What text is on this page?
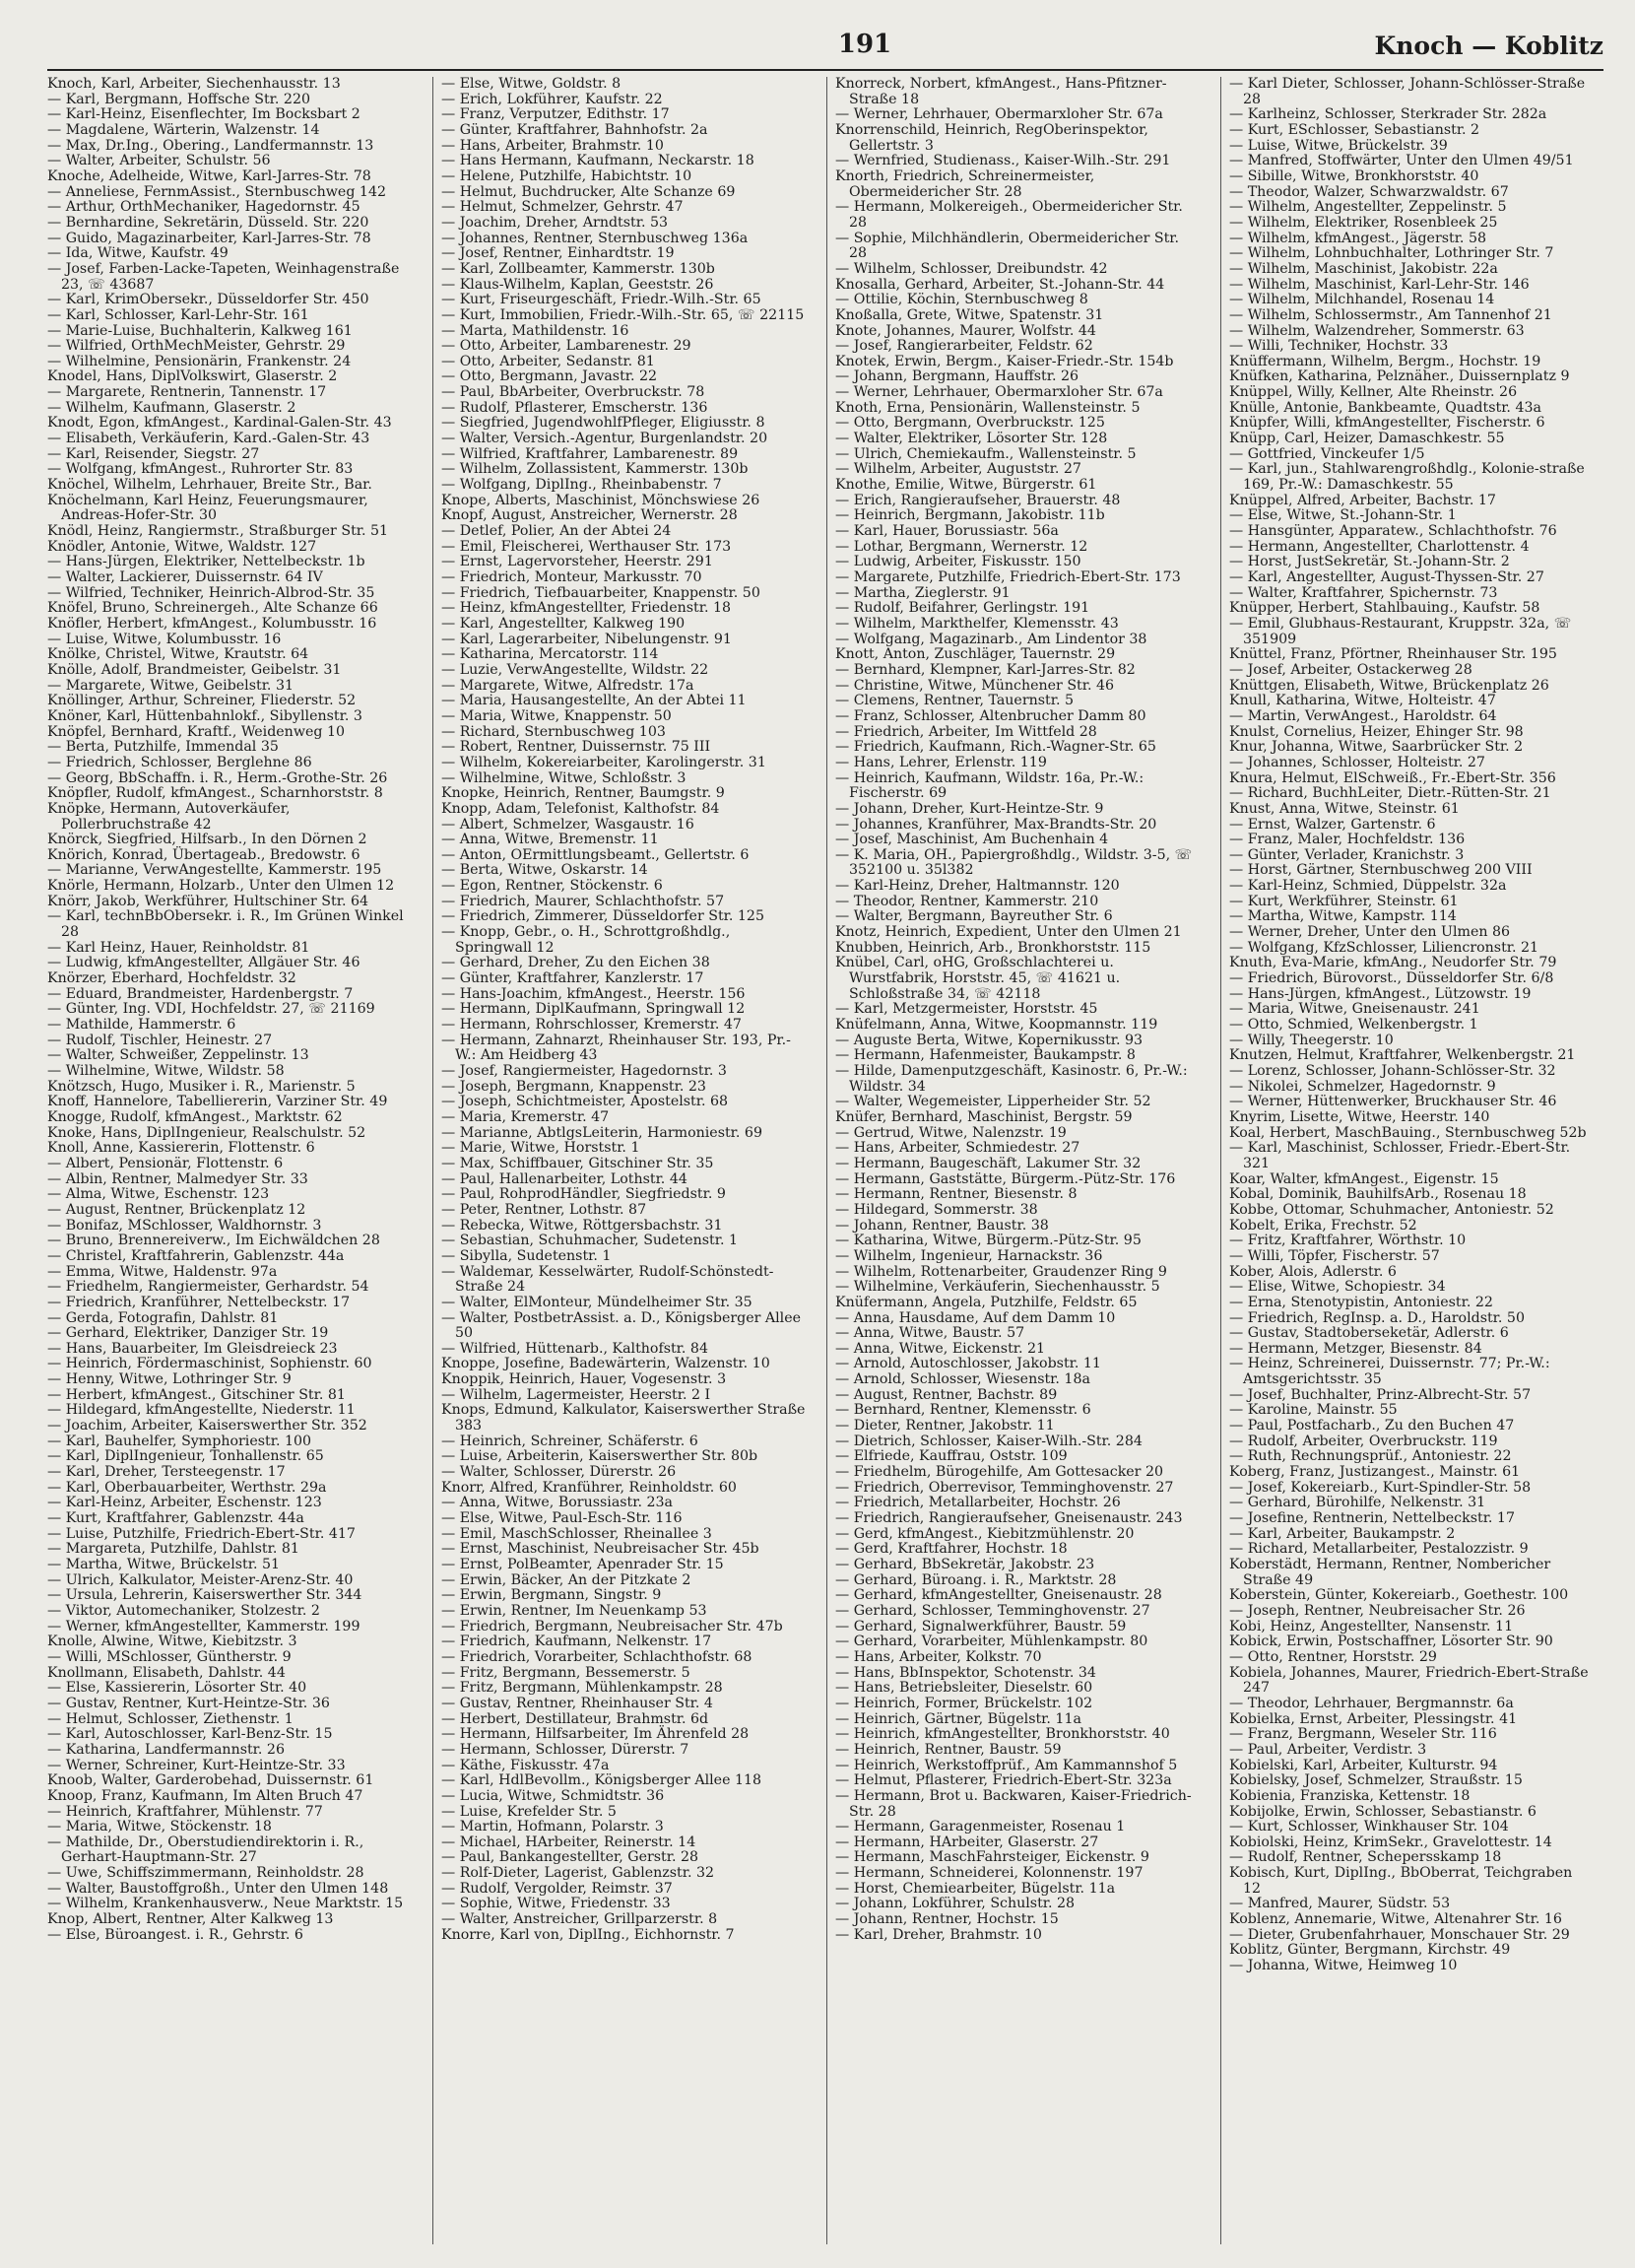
191	Knoch — Koblitz
Knoch, Karl, Arbeiter, Siechenhausstr. 13
— Karl, Bergmann, Hoffsche Str. 220
— Karl-Heinz, Eisenflechter, Im Bocksbart 2
— Magdalene, Wärterin, Walzenstr. 14
— Max, Dr.Ing., Obering., Landfermannstr. 13
— Walter, Arbeiter, Schulstr. 56
Knoche, Adelheide, Witwe, Karl-Jarres-Str. 78
— Anneliese, FernmAssist., Sternbuschweg 142
— Arthur, OrthMechaniker, Hagedornstr. 45
— Bernhardine, Sekretärin, Düsseld. Str. 220
— Guido, Magazinarbeiter, Karl-Jarres-Str. 78
— Ida, Witwe, Kaufstr. 49
— Josef, Farben-Lacke-Tapeten, Weinhagenstraße 23, ☏ 43687
— Karl, KrimObersekr., Düsseldorfer Str. 450
— Karl, Schlosser, Karl-Lehr-Str. 161
— Marie-Luise, Buchhalterin, Kalkweg 161
— Wilfried, OrthMechMeister, Gehrstr. 29
— Wilhelmine, Pensionärin, Frankenstr. 24
Knodel, Hans, DiplVolkswirt, Glaserstr. 2
— Margarete, Rentnerin, Tannenstr. 17
— Wilhelm, Kaufmann, Glaserstr. 2
Knodt, Egon, kfmAngest., Kardinal-Galen-Str. 43
— Elisabeth, Verkäuferin, Kard.-Galen-Str. 43
— Karl, Reisender, Siegstr. 27
— Wolfgang, kfmAngest., Ruhrorter Str. 83
Knöchel, Wilhelm, Lehrhauer, Breite Str., Bar.
Knöchelmann, Karl Heinz, Feuerungsmaurer, Andreas-Hofer-Str. 30
Knödl, Heinz, Rangiermstr., Straßburger Str. 51
Knödler, Antonie, Witwe, Waldstr. 127
— Hans-Jürgen, Elektriker, Nettelbeckstr. 1b
— Walter, Lackierer, Duissernstr. 64 IV
— Wilfried, Techniker, Heinrich-Albrod-Str. 35
Knöfel, Bruno, Schreinergeh., Alte Schanze 66
Knöfler, Herbert, kfmAngest., Kolumbusstr. 16
— Luise, Witwe, Kolumbusstr. 16
Knölke, Christel, Witwe, Krautstr. 64
Knölle, Adolf, Brandmeister, Geibelstr. 31
— Margarete, Witwe, Geibelstr. 31
Knöllinger, Arthur, Schreiner, Fliederstr. 52
Knöner, Karl, Hüttenbahnlokf., Sibyllenstr. 3
Knöpfel, Bernhard, Kraftf., Weidenweg 10
— Berta, Putzhilfe, Immendal 35
— Friedrich, Schlosser, Berglehne 86
— Georg, BbSchaffn. i. R., Herm.-Grothe-Str. 26
Knöpfler, Rudolf, kfmAngest., Scharnhorststr. 8
Knöpke, Hermann, Autoverkäufer, Pollerbruchstraße 42
Knörck, Siegfried, Hilfsarb., In den Dörnen 2
Knörich, Konrad, Übertageab., Bredowstr. 6
— Marianne, VerwAngestellte, Kammerstr. 195
Knörle, Hermann, Holzarb., Unter den Ulmen 12
Knörr, Jakob, Werkführer, Hultschiner Str. 64
— Karl, technBbObersekr. i. R., Im Grünen Winkel 28
— Karl Heinz, Hauer, Reinholdstr. 81
— Ludwig, kfmAngestellter, Allgäuer Str. 46
Knörzer, Eberhard, Hochfeldstr. 32
— Eduard, Brandmeister, Hardenbergstr. 7
— Günter, Ing. VDI, Hochfeldstr. 27, ☏ 21169
— Mathilde, Hammerstr. 6
— Rudolf, Tischler, Heinestr. 27
— Walter, Schweißer, Zeppelinstr. 13
— Wilhelmine, Witwe, Wildstr. 58
Knötzsch, Hugo, Musiker i. R., Marienstr. 5
Knoff, Hannelore, Tabelliererin, Varziner Str. 49
Knogge, Rudolf, kfmAngest., Marktstr. 62
Knoke, Hans, DiplIngenieur, Realschulstr. 52
Knoll, Anne, Kassiererin, Flottenstr. 6
— Albert, Pensionär, Flottenstr. 6
— Albin, Rentner, Malmedyer Str. 33
— Alma, Witwe, Eschenstr. 123
— August, Rentner, Brückenplatz 12
— Bonifaz, MSchlosser, Waldhornstr. 3
— Bruno, Brennereiverw., Im Eichwäldchen 28
— Christel, Kraftfahrerin, Gablenzstr. 44a
— Emma, Witwe, Haldenstr. 97a
— Friedhelm, Rangiermeister, Gerhardstr. 54
— Friedrich, Kranführer, Nettelbeckstr. 17
— Gerda, Fotografin, Dahlstr. 81
— Gerhard, Elektriker, Danziger Str. 19
— Hans, Bauarbeiter, Im Gleisdreieck 23
— Heinrich, Fördermaschinist, Sophienstr. 60
— Henny, Witwe, Lothringer Str. 9
— Herbert, kfmAngest., Gitschiner Str. 81
— Hildegard, kfmAngestellte, Niederstr. 11
— Joachim, Arbeiter, Kaiserswerther Str. 352
— Karl, Bauhelfer, Symphoriestr. 100
— Karl, DiplIngenieur, Tonhallenstr. 65
— Karl, Dreher, Tersteegenstr. 17
— Karl, Oberbauarbeiter, Werthstr. 29a
— Karl-Heinz, Arbeiter, Eschenstr. 123
— Kurt, Kraftfahrer, Gablenzstr. 44a
— Luise, Putzhilfe, Friedrich-Ebert-Str. 417
— Margareta, Putzhilfe, Dahlstr. 81
— Martha, Witwe, Brückelstr. 51
— Ulrich, Kalkulator, Meister-Arenz-Str. 40
— Ursula, Lehrerin, Kaiserswerther Str. 344
— Viktor, Automechaniker, Stolzestr. 2
— Werner, kfmAngestellter, Kammerstr. 199
Knolle, Alwine, Witwe, Kiebitzstr. 3
— Willi, MSchlosser, Güntherstr. 9
Knollmann, Elisabeth, Dahlstr. 44
— Else, Kassiererin, Lösorter Str. 40
— Gustav, Rentner, Kurt-Heintze-Str. 36
— Helmut, Schlosser, Ziethenstr. 1
— Karl, Autoschlosser, Karl-Benz-Str. 15
— Katharina, Landfermannstr. 26
— Werner, Schreiner, Kurt-Heintze-Str. 33
Knoob, Walter, Garderobehad, Duissernstr. 61
Knoop, Franz, Kaufmann, Im Alten Bruch 47
— Heinrich, Kraftfahrer, Mühlenstr. 77
— Maria, Witwe, Stöckenstr. 18
— Mathilde, Dr., Oberstudiendirektorin i. R., Gerhart-Hauptmann-Str. 27
— Uwe, Schiffszimmermann, Reinholdstr. 28
— Walter, Baustoffgroßh., Unter den Ulmen 148
— Wilhelm, Krankenhausverw., Neue Marktstr. 15
Knop, Albert, Rentner, Alter Kalkweg 13
— Else, Büroangest. i. R., Gehrstr. 6
— Else, Witwe, Goldstr. 8
— Erich, Lokführer, Kaufstr. 22
— Franz, Verputzer, Edithstr. 17
— Günter, Kraftfahrer, Bahnhofstr. 2a
— Hans, Arbeiter, Brahmstr. 10
— Hans Hermann, Kaufmann, Neckarstr. 18
— Helene, Putzhilfe, Habichtstr. 10
— Helmut, Buchdrucker, Alte Schanze 69
— Helmut, Schmelzer, Gehrstr. 47
— Joachim, Dreher, Arndtstr. 53
— Johannes, Rentner, Sternbuschweg 136a
— Josef, Rentner, Einhardtstr. 19
— Karl, Zollbeamter, Kammerstr. 130b
— Klaus-Wilhelm, Kaplan, Geeststr. 26
— Kurt, Friseurgeschäft, Friedr.-Wilh.-Str. 65
— Kurt, Immobilien, Friedr.-Wilh.-Str. 65, ☏ 22115
— Marta, Mathildenstr. 16
— Otto, Arbeiter, Lambarenestr. 29
— Otto, Arbeiter, Sedanstr. 81
— Otto, Bergmann, Javastr. 22
— Paul, BbArbeiter, Overbruckstr. 78
— Rudolf, Pflasterer, Emscherstr. 136
— Siegfried, JugendwohlfPfleger, Eligiusstr. 8
— Walter, Versich.-Agentur, Burgenlandstr. 20
— Wilfried, Kraftfahrer, Lambarenestr. 89
— Wilhelm, Zollassistent, Kammerstr. 130b
— Wolfgang, DiplIng., Rheinbabenstr. 7
Knope, Alberts, Maschinist, Mönchswiese 26
Knopf, August, Anstreicher, Wernerstr. 28
— Detlef, Polier, An der Abtei 24
— Emil, Fleischerei, Werthauser Str. 173
— Ernst, Lagervorsteher, Heerstr. 291
— Friedrich, Monteur, Markusstr. 70
— Friedrich, Tiefbauarbeiter, Knappenstr. 50
— Heinz, kfmAngestellter, Friedenstr. 18
— Karl, Angestellter, Kalkweg 190
— Karl, Lagerarbeiter, Nibelungenstr. 91
— Katharina, Mercatorstr. 114
— Luzie, VerwAngestellte, Wildstr. 22
— Margarete, Witwe, Alfredstr. 17a
— Maria, Hausangestellte, An der Abtei 11
— Maria, Witwe, Knappenstr. 50
— Richard, Sternbuschweg 103
— Robert, Rentner, Duissernstr. 75 III
— Wilhelm, Kokereiarbeiter, Karolingerstr. 31
— Wilhelmine, Witwe, Schloßstr. 3
Knopke, Heinrich, Rentner, Baumgstr. 9
Knopp, Adam, Telefonist, Kalthofstr. 84
— Albert, Schmelzer, Wasgaustr. 16
— Anna, Witwe, Bremenstr. 11
— Anton, OErmittlungsbeamt., Gellertstr. 6
— Berta, Witwe, Oskarstr. 14
— Egon, Rentner, Stöckenstr. 6
— Friedrich, Maurer, Schlachthofstr. 57
— Friedrich, Zimmerer, Düsseldorfer Str. 125
— Knopp, Gebr., o. H., Schrottgroßhdlg., Springwall 12
— Gerhard, Dreher, Zu den Eichen 38
— Günter, Kraftfahrer, Kanzlerstr. 17
— Hans-Joachim, kfmAngest., Heerstr. 156
— Hermann, DiplKaufmann, Springwall 12
— Hermann, Rohrschlosser, Kremerstr. 47
— Hermann, Zahnarzt, Rheinhauser Str. 193, Pr.-W.: Am Heidberg 43
— Josef, Rangiermeister, Hagedornstr. 3
— Joseph, Bergmann, Knappenstr. 23
— Joseph, Schichtmeister, Apostelstr. 68
— Maria, Kremerstr. 47
— Marianne, AbtlgsLeiterin, Harmoniestr. 69
— Marie, Witwe, Horststr. 1
— Max, Schiffbauer, Gitschiner Str. 35
— Paul, Hallenarbeiter, Lothstr. 44
— Paul, RohprodHändler, Siegfriedstr. 9
— Peter, Rentner, Lothstr. 87
— Rebecka, Witwe, Röttgersbachstr. 31
— Sebastian, Schuhmacher, Sudetenstr. 1
— Sibylla, Sudetenstr. 1
— Waldemar, Kesselwärter, Rudolf-Schönstedt-Straße 24
— Walter, ElMonteur, Mündelheimer Str. 35
— Walter, PostbetrAssist. a. D., Königsberger Allee 50
— Wilfried, Hüttenarb., Kalthofstr. 84
Knoppe, Josefine, Badewärterin, Walzenstr. 10
Knoppik, Heinrich, Hauer, Vogesenstr. 3
— Wilhelm, Lagermeister, Heerstr. 2 I
Knops, Edmund, Kalkulator, Kaiserswerther Straße 383
— Heinrich, Schreiner, Schäferstr. 6
— Luise, Arbeiterin, Kaiserswerther Str. 80b
— Walter, Schlosser, Dürerstr. 26
Knorr, Alfred, Kranführer, Reinholdstr. 60
— Anna, Witwe, Borussiastr. 23a
— Else, Witwe, Paul-Esch-Str. 116
— Emil, MaschSchlosser, Rheinallee 3
— Ernst, Maschinist, Neubreisacher Str. 45b
— Ernst, PolBeamter, Apenrader Str. 15
— Erwin, Bäcker, An der Pitzkate 2
— Erwin, Bergmann, Singstr. 9
— Erwin, Rentner, Im Neuenkamp 53
— Friedrich, Bergmann, Neubreisacher Str. 47b
— Friedrich, Kaufmann, Nelkenstr. 17
— Friedrich, Vorarbeiter, Schlachthofstr. 68
— Fritz, Bergmann, Bessemerstr. 5
— Fritz, Bergmann, Mühlenkampstr. 28
— Gustav, Rentner, Rheinhauser Str. 4
— Herbert, Destillateur, Brahmstr. 6d
— Hermann, Hilfsarbeiter, Im Ährenfeld 28
— Hermann, Schlosser, Dürerstr. 7
— Käthe, Fiskusstr. 47a
— Karl, HdlBevollm., Königsberger Allee 118
— Lucia, Witwe, Schmidtstr. 36
— Luise, Krefelder Str. 5
— Martin, Hofmann, Polarstr. 3
— Michael, HArbeiter, Reinerstr. 14
— Paul, Bankangestellter, Gerstr. 28
— Rolf-Dieter, Lagerist, Gablenzstr. 32
— Rudolf, Vergolder, Reimstr. 37
— Sophie, Witwe, Friedenstr. 33
— Walter, Anstreicher, Grillparzerstr. 8
Knorre, Karl von, DiplIng., Eichhornstr. 7
Knorreck, Norbert, kfmAngest., Hans-Pfitzner-Straße 18
— Werner, Lehrhauer, Obermarxloher Str. 67a
Knorrenschild, Heinrich, RegOberinspektor, Gellertstr. 3
— Wernfried, Studienass., Kaiser-Wilh.-Str. 291
Knorth, Friedrich, Schreinermeister, Obermeidericher Str. 28
— Hermann, Molkereigeh., Obermeidericher Str. 28
— Sophie, Milchhändlerin, Obermeidericher Str. 28
— Wilhelm, Schlosser, Dreibundstr. 42
Knosalla, Gerhard, Arbeiter, St.-Johann-Str. 44
— Ottilie, Köchin, Sternbuschweg 8
Knoßalla, Grete, Witwe, Spatenstr. 31
Knote, Johannes, Maurer, Wolfstr. 44
— Josef, Rangierarbeiter, Feldstr. 62
Knotek, Erwin, Bergm., Kaiser-Friedr.-Str. 154b
— Johann, Bergmann, Hauffstr. 26
— Werner, Lehrhauer, Obermarxloher Str. 67a
Knoth, Erna, Pensionärin, Wallensteinstr. 5
— Otto, Bergmann, Overbruckstr. 125
— Walter, Elektriker, Lösorter Str. 128
— Ulrich, Chemiekaufm., Wallensteinstr. 5
— Wilhelm, Arbeiter, Auguststr. 27
Knothe, Emilie, Witwe, Bürgerstr. 61
— Erich, Rangieraufseher, Brauerstr. 48
— Heinrich, Bergmann, Jakobistr. 11b
— Karl, Hauer, Borussiastr. 56a
— Lothar, Bergmann, Wernerstr. 12
— Ludwig, Arbeiter, Fiskusstr. 150
— Margarete, Putzhilfe, Friedrich-Ebert-Str. 173
— Martha, Zieglerstr. 91
— Rudolf, Beifahrer, Gerlingstr. 191
— Wilhelm, Markthelfer, Klemensstr. 43
— Wolfgang, Magazinarb., Am Lindentor 38
Knott, Anton, Zuschläger, Tauernstr. 29
— Bernhard, Klempner, Karl-Jarres-Str. 82
— Christine, Witwe, Münchener Str. 46
— Clemens, Rentner, Tauernstr. 5
— Franz, Schlosser, Altenbrucher Damm 80
— Friedrich, Arbeiter, Im Wittfeld 28
— Friedrich, Kaufmann, Rich.-Wagner-Str. 65
— Hans, Lehrer, Erlenstr. 119
— Heinrich, Kaufmann, Wildstr. 16a, Pr.-W.: Fischerstr. 69
— Johann, Dreher, Kurt-Heintze-Str. 9
— Johannes, Kranführer, Max-Brandts-Str. 20
— Josef, Maschinist, Am Buchenhain 4
— K. Maria, OH., Papiergroßhdlg., Wildstr. 3-5, ☏ 352100 u. 35l382
— Karl-Heinz, Dreher, Haltmannstr. 120
— Theodor, Rentner, Kammerstr. 210
— Walter, Bergmann, Bayreuther Str. 6
Knotz, Heinrich, Expedient, Unter den Ulmen 21
Knubben, Heinrich, Arb., Bronkhorststr. 115
Knübel, Carl, oHG, Großschlachterei u. Wurstfabrik, Horststr. 45, ☏ 41621 u. Schloßstraße 34, ☏ 42118
— Karl, Metzgermeister, Horststr. 45
Knüfelmann, Anna, Witwe, Koopmannstr. 119
— Auguste Berta, Witwe, Kopernikusstr. 93
— Hermann, Hafenmeister, Baukampstr. 8
— Hilde, Damenputzgeschäft, Kasinostr. 6, Pr.-W.: Wildstr. 34
— Walter, Wegemeister, Lipperheider Str. 52
Knüfer, Bernhard, Maschinist, Bergstr. 59
— Gertrud, Witwe, Nalenzstr. 19
— Hans, Arbeiter, Schmiedestr. 27
— Hermann, Baugeschäft, Lakumer Str. 32
— Hermann, Gaststätte, Bürgerm.-Pütz-Str. 176
— Hermann, Rentner, Biesenstr. 8
— Hildegard, Sommerstr. 38
— Johann, Rentner, Baustr. 38
— Katharina, Witwe, Bürgerm.-Pütz-Str. 95
— Wilhelm, Ingenieur, Harnackstr. 36
— Wilhelm, Rottenarbeiter, Graudenzer Ring 9
— Wilhelmine, Verkäuferin, Siechenhausstr. 5
Knüfermann, Angela, Putzhilfe, Feldstr. 65
— Anna, Hausdame, Auf dem Damm 10
— Anna, Witwe, Baustr. 57
— Anna, Witwe, Eickenstr. 21
— Arnold, Autoschlosser, Jakobstr. 11
— Arnold, Schlosser, Wiesenstr. 18a
— August, Rentner, Bachstr. 89
— Bernhard, Rentner, Klemensstr. 6
— Dieter, Rentner, Jakobstr. 11
— Dietrich, Schlosser, Kaiser-Wilh.-Str. 284
— Elfriede, Kauffrau, Oststr. 109
— Friedhelm, Bürogehilfe, Am Gottesacker 20
— Friedrich, Oberrevisor, Temminghovenstr. 27
— Friedrich, Metallarbeiter, Hochstr. 26
— Friedrich, Rangieraufseher, Gneisenaustr. 243
— Gerd, kfmAngest., Kiebitzmühlenstr. 20
— Gerd, Kraftfahrer, Hochstr. 18
— Gerhard, BbSekretär, Jakobstr. 23
— Gerhard, Büroang. i. R., Marktstr. 28
— Gerhard, kfmAngestellter, Gneisenaustr. 28
— Gerhard, Schlosser, Temminghovenstr. 27
— Gerhard, Signalwerkführer, Baustr. 59
— Gerhard, Vorarbeiter, Mühlenkampstr. 80
— Hans, Arbeiter, Kolkstr. 70
— Hans, BbInspektor, Schotenstr. 34
— Hans, Betriebsleiter, Dieselstr. 60
— Heinrich, Former, Brückelstr. 102
— Heinrich, Gärtner, Bügelstr. 11a
— Heinrich, kfmAngestellter, Bronkhorststr. 40
— Heinrich, Rentner, Baustr. 59
— Heinrich, Werkstoffprüf., Am Kammannshof 5
— Helmut, Pflasterer, Friedrich-Ebert-Str. 323a
— Hermann, Brot u. Backwaren, Kaiser-Friedrich-Str. 28
— Hermann, Garagenmeister, Rosenau 1
— Hermann, HArbeiter, Glaserstr. 27
— Hermann, MaschFahrsteiger, Eickenstr. 9
— Hermann, Schneiderei, Kolonnenstr. 197
— Horst, Chemiearbeiter, Bügelstr. 11a
— Johann, Lokführer, Schulstr. 28
— Johann, Rentner, Hochstr. 15
— Karl, Dreher, Brahmstr. 10
— Karl Dieter, Schlosser, Johann-Schlösser-Straße 28
— Karlheinz, Schlosser, Sterkrader Str. 282a
— Kurt, ESchlosser, Sebastianstr. 2
— Luise, Witwe, Brückelstr. 39
— Manfred, Stoffwärter, Unter den Ulmen 49/51
— Sibille, Witwe, Bronkhorststr. 40
— Theodor, Walzer, Schwarzwaldstr. 67
— Wilhelm, Angestellter, Zeppelinstr. 5
— Wilhelm, Elektriker, Rosenbleek 25
— Wilhelm, kfmAngest., Jägerstr. 58
— Wilhelm, Lohnbuchhalter, Lothringer Str. 7
— Wilhelm, Maschinist, Jakobistr. 22a
— Wilhelm, Maschinist, Karl-Lehr-Str. 146
— Wilhelm, Milchhandel, Rosenau 14
— Wilhelm, Schlossermstr., Am Tannenhof 21
— Wilhelm, Walzendreher, Sommerstr. 63
— Willi, Techniker, Hochstr. 33
Knüffermann, Wilhelm, Bergm., Hochstr. 19
Knüfken, Katharina, Pelznäher., Duissernplatz 9
Knüppel, Willy, Kellner, Alte Rheinstr. 26
Knülle, Antonie, Bankbeamte, Quadtstr. 43a
Knüpfer, Willi, kfmAngestellter, Fischerstr. 6
Knüpp, Carl, Heizer, Damaschkestr. 55
— Gottfried, Vinckeufer 1/5
— Karl, jun., Stahlwarengroßhdlg., Kolonie-straße 169, Pr.-W.: Damaschkestr. 55
Knüppel, Alfred, Arbeiter, Bachstr. 17
— Else, Witwe, St.-Johann-Str. 1
— Hansgünter, Apparatew., Schlachthofstr. 76
— Hermann, Angestellter, Charlottenstr. 4
— Horst, JustSekretär, St.-Johann-Str. 2
— Karl, Angestellter, August-Thyssen-Str. 27
— Walter, Kraftfahrer, Spichernstr. 73
Knüpper, Herbert, Stahlbauing., Kaufstr. 58
— Emil, Glubhaus-Restaurant, Kruppstr. 32a, ☏ 351909
Knüttel, Franz, Pförtner, Rheinhauser Str. 195
— Josef, Arbeiter, Ostackerweg 28
Knüttgen, Elisabeth, Witwe, Brückenplatz 26
Knull, Katharina, Witwe, Holteistr. 47
— Martin, VerwAngest., Haroldstr. 64
Knulst, Cornelius, Heizer, Ehinger Str. 98
Knur, Johanna, Witwe, Saarbrücker Str. 2
— Johannes, Schlosser, Holteistr. 27
Knura, Helmut, ElSchweiß., Fr.-Ebert-Str. 356
— Richard, BuchhLeiter, Dietr.-Rütten-Str. 21
Knust, Anna, Witwe, Steinstr. 61
— Ernst, Walzer, Gartenstr. 6
— Franz, Maler, Hochfeldstr. 136
— Günter, Verlader, Kranichstr. 3
— Horst, Gärtner, Sternbuschweg 200 VIII
— Karl-Heinz, Schmied, Düppelstr. 32a
— Kurt, Werkführer, Steinstr. 61
— Martha, Witwe, Kampstr. 114
— Werner, Dreher, Unter den Ulmen 86
— Wolfgang, KfzSchlosser, Liliencronstr. 21
Knuth, Eva-Marie, kfmAng., Neudorfer Str. 79
— Friedrich, Bürovorst., Düsseldorfer Str. 6/8
— Hans-Jürgen, kfmAngest., Lützowstr. 19
— Maria, Witwe, Gneisenaustr. 241
— Otto, Schmied, Welkenbergstr. 1
— Willy, Theegerstr. 10
Knutzen, Helmut, Kraftfahrer, Welkenbergstr. 21
— Lorenz, Schlosser, Johann-Schlösser-Str. 32
— Nikolei, Schmelzer, Hagedornstr. 9
— Werner, Hüttenwerker, Bruckhauser Str. 46
Knyrim, Lisette, Witwe, Heerstr. 140
Koal, Herbert, MaschBauing., Sternbuschweg 52b
— Karl, Maschinist, Schlosser, Friedr.-Ebert-Str. 321
Koar, Walter, kfmAngest., Eigenstr. 15
Kobal, Dominik, BauhilfsArb., Rosenau 18
Kobbe, Ottomar, Schuhmacher, Antoniestr. 52
Kobelt, Erika, Frechstr. 52
— Fritz, Kraftfahrer, Wörthstr. 10
— Willi, Töpfer, Fischerstr. 57
Kober, Alois, Adlerstr. 6
— Elise, Witwe, Schopiestr. 34
— Erna, Stenotypistin, Antoniestr. 22
— Friedrich, RegInsp. a. D., Haroldstr. 50
— Gustav, Stadtoberseketär, Adlerstr. 6
— Hermann, Metzger, Biesenstr. 84
— Heinz, Schreinerei, Duissernstr. 77; Pr.-W.: Amtsgerichtsstr. 35
— Josef, Buchhalter, Prinz-Albrecht-Str. 57
— Karoline, Mainstr. 55
— Paul, Postfacharb., Zu den Buchen 47
— Rudolf, Arbeiter, Overbruckstr. 119
— Ruth, Rechnungsprüf., Antoniestr. 22
Koberg, Franz, Justizangest., Mainstr. 61
— Josef, Kokereiarb., Kurt-Spindler-Str. 58
— Gerhard, Bürohilfe, Nelkenstr. 31
— Josefine, Rentnerin, Nettelbeckstr. 17
— Karl, Arbeiter, Baukampstr. 2
— Richard, Metallarbeiter, Pestalozzistr. 9
Koberstädt, Hermann, Rentner, Nombericher Straße 49
Koberstein, Günter, Kokereiarb., Goethestr. 100
— Joseph, Rentner, Neubreisacher Str. 26
Kobi, Heinz, Angestellter, Nansenstr. 11
Kobick, Erwin, Postschaffner, Lösorter Str. 90
— Otto, Rentner, Horststr. 29
Kobiela, Johannes, Maurer, Friedrich-Ebert-Straße 247
— Theodor, Lehrhauer, Bergmannstr. 6a
Kobielka, Ernst, Arbeiter, Plessingstr. 41
— Franz, Bergmann, Weseler Str. 116
— Paul, Arbeiter, Verdistr. 3
Kobielski, Karl, Arbeiter, Kulturstr. 94
Kobielsky, Josef, Schmelzer, Straußstr. 15
Kobienia, Franziska, Kettenstr. 18
Kobijolke, Erwin, Schlosser, Sebastianstr. 6
— Kurt, Schlosser, Winkhauser Str. 104
Kobiolski, Heinz, KrimSekr., Gravelottestr. 14
— Rudolf, Rentner, Schepersskamp 18
Kobisch, Kurt, DiplIng., BbOberrat, Teichgraben 12
— Manfred, Maurer, Südstr. 53
Koblenz, Annemarie, Witwe, Altenahrer Str. 16
— Dieter, Grubenfahrhauer, Monschauer Str. 29
Koblitz, Günter, Bergmann, Kirchstr. 49
— Johanna, Witwe, Heimweg 10
